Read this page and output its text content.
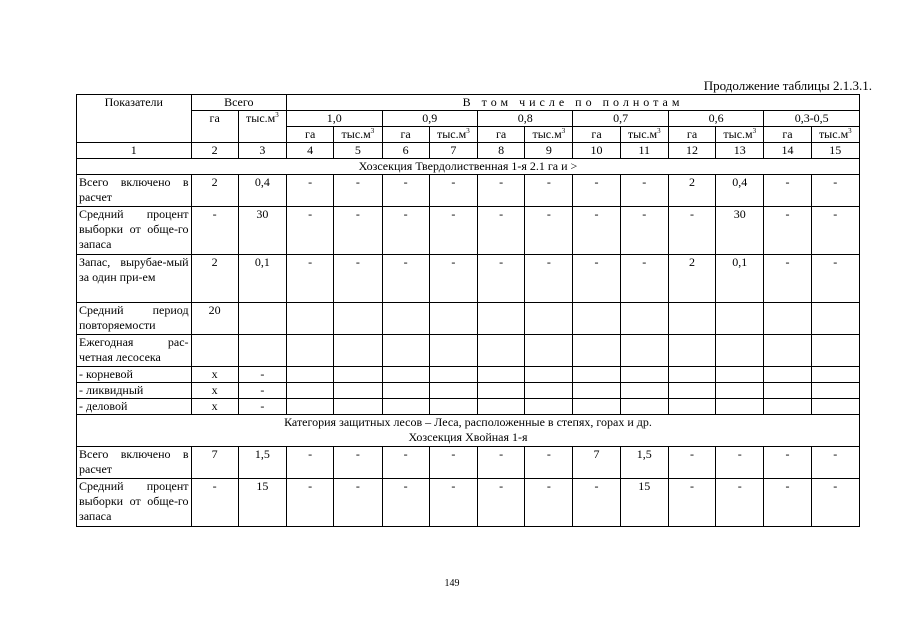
Продолжение таблицы 2.1.3.1.
Показатели	Всего		В том числе по полнотам											
	га	$тыс.м^3$	1,0		0,9		0,8		0,7		0,6		0,3-0,5	
			га	$тыс.м^3$	га	$тыс.м^3$	га	$тыс.м^3$	га	$тыс.м^3$	га	$тыс.м^3$	га	$тыс.м^3$
1	2	3	4	5	6	7	8	9	10	11	12	13	14	15
Хозсекция Твердолиственная 1-я 2.1 га и >														
Всего включено в расчет	2	0,4	-	-	-	-	-	-	-	-	2	0,4	-	-
Средний процент выборки от обще-го запаса	-	30	-	-	-	-	-	-	-	-	-	30	-	-
Запас, вырубае-мый за один при-ем	2	0,1	-	-	-	-	-	-	-	-	2	0,1	-	-
Средний период повторяемости	20													
Ежегодная рас-четная лесосека														
- корневой	x	-												
- ликвидный	x	-												
- деловой	x	-												
Категория защитных лесов – Леса, расположенные в степях, горах и др.
Хозсекция Хвойная 1-я														
Всего включено в расчет	7	1,5	-	-	-	-	-	-	7	1,5	-	-	-	-
Средний процент выборки от обще-го запаса	-	15	-	-	-	-	-	-	-	15	-	-	-	-
149
